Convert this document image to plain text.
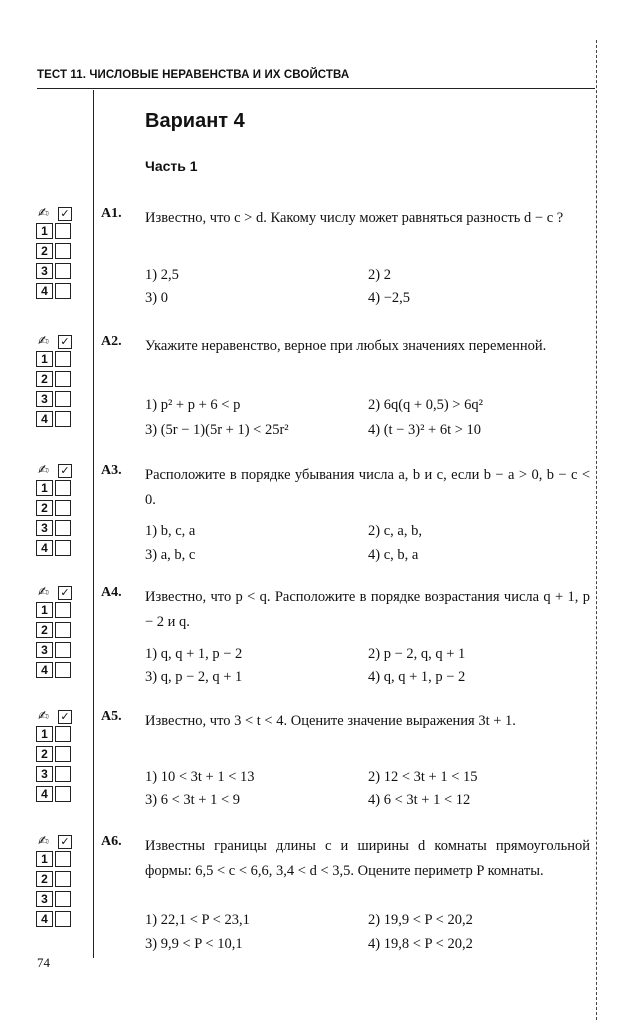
ТЕСТ 11. ЧИСЛОВЫЕ НЕРАВЕНСТВА И ИХ СВОЙСТВА
Вариант 4
Часть 1
✍ ✓
1
2
3
4
А1. Известно, что c > d. Какому числу может равняться разность d − c ?
1) 2,5	2) 2
3) 0	4) −2,5
✍ ✓
1
2
3
4
А2. Укажите неравенство, верное при любых значениях переменной.
1) p² + p + 6 < p	2) 6q(q + 0,5) > 6q²
3) (5r − 1)(5r + 1) < 25r²	4) (t − 3)² + 6t > 10
✍ ✓
1
2
3
4
А3. Расположите в порядке убывания числа a, b и c, если b − a > 0, b − c < 0.
1) b, c, a	2) c, a, b,
3) a, b, c	4) c, b, a
✍ ✓
1
2
3
4
А4. Известно, что p < q. Расположите в порядке возрастания числа q + 1, p − 2 и q.
1) q, q + 1, p − 2	2) p − 2, q, q + 1
3) q, p − 2, q + 1	4) q, q + 1, p − 2
✍ ✓
1
2
3
4
А5. Известно, что 3 < t < 4. Оцените значение выражения 3t + 1.
1) 10 < 3t + 1 < 13	2) 12 < 3t + 1 < 15
3) 6 < 3t + 1 < 9	4) 6 < 3t + 1 < 12
✍ ✓
1
2
3
4
А6. Известны границы длины c и ширины d комнаты прямоугольной формы: 6,5 < c < 6,6, 3,4 < d < 3,5. Оцените периметр P комнаты.
1) 22,1 < P < 23,1	2) 19,9 < P < 20,2
3) 9,9 < P < 10,1	4) 19,8 < P < 20,2
74
